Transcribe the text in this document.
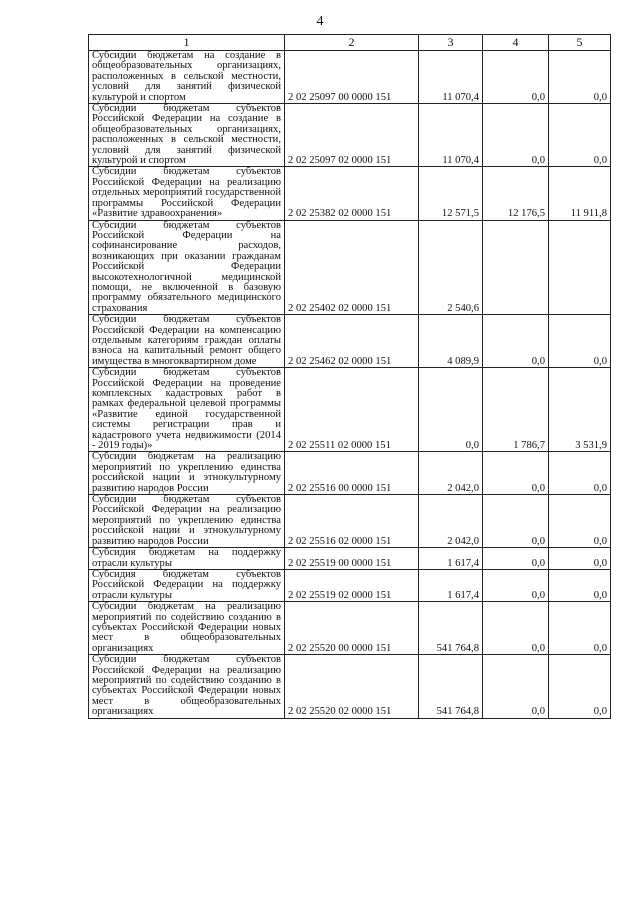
4
1	2	3	4	5
Субсидии бюджетам на создание в общеобразовательных организациях, расположенных в сельской местности, условий для занятий физической культурой и спортом	2 02 25097 00 0000 151	11 070,4	0,0	0,0
Субсидии бюджетам субъектов Российской Федерации на создание в общеобразовательных организациях, расположенных в сельской местности, условий для занятий физической культурой и спортом	2 02 25097 02 0000 151	11 070,4	0,0	0,0
Субсидии бюджетам субъектов Российской Федерации на реализацию отдельных мероприятий государственной программы Российской Федерации «Развитие здравоохранения»	2 02 25382 02 0000 151	12 571,5	12 176,5	11 911,8
Субсидии бюджетам субъектов Российской Федерации на софинансирование расходов, возникающих при оказании гражданам Российской Федерации высокотехнологичной медицинской помощи, не включенной в базовую программу обязательного медицинского страхования	2 02 25402 02 0000 151	2 540,6		
Субсидии бюджетам субъектов Российской Федерации на компенсацию отдельным категориям граждан оплаты взноса на капитальный ремонт общего имущества в многоквартирном доме	2 02 25462 02 0000 151	4 089,9	0,0	0,0
Субсидии бюджетам субъектов Российской Федерации на проведение комплексных кадастровых работ в рамках федеральной целевой программы «Развитие единой государственной системы регистрации прав и кадастрового учета недвижимости (2014 - 2019 годы)»	2 02 25511 02 0000 151	0,0	1 786,7	3 531,9
Субсидии бюджетам на реализацию мероприятий по укреплению единства российской нации и этнокультурному развитию народов России	2 02 25516 00 0000 151	2 042,0	0,0	0,0
Субсидии бюджетам субъектов Российской Федерации на реализацию мероприятий по укреплению единства российской нации и этнокультурному развитию народов России	2 02 25516 02 0000 151	2 042,0	0,0	0,0
Субсидия бюджетам на поддержку отрасли культуры	2 02 25519 00 0000 151	1 617,4	0,0	0,0
Субсидия бюджетам субъектов Российской Федерации на поддержку отрасли культуры	2 02 25519 02 0000 151	1 617,4	0,0	0,0
Субсидии бюджетам на реализацию мероприятий по содействию созданию в субъектах Российской Федерации новых мест в общеобразовательных организациях	2 02 25520 00 0000 151	541 764,8	0,0	0,0
Субсидии бюджетам субъектов Российской Федерации на реализацию мероприятий по содействию созданию в субъектах Российской Федерации новых мест в общеобразовательных организациях	2 02 25520 02 0000 151	541 764,8	0,0	0,0
